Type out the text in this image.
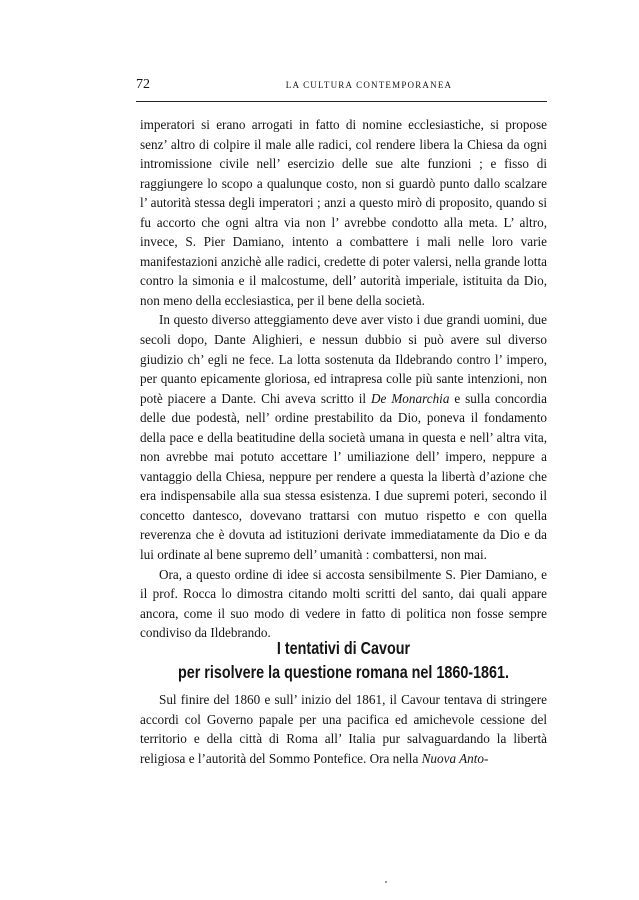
72	LA CULTURA CONTEMPORANEA

imperatori si erano arrogati in fatto di nomine ecclesiastiche, si propose senz’ altro di colpire il male alle radici, col rendere libera la Chiesa da ogni intromissione civile nell’ esercizio delle sue alte funzioni ; e fisso di raggiungere lo scopo a qualunque costo, non si guardò punto dallo scalzare l’ autorità stessa degli imperatori ; anzi a questo mirò di proposito, quando si fu accorto che ogni altra via non l’ avrebbe condotto alla meta. L’ altro, invece, S. Pier Damiano, intento a combattere i mali nelle loro varie manifestazioni anzichè alle radici, credette di poter valersi, nella grande lotta contro la simonia e il malcostume, dell’ autorità imperiale, istituita da Dio, non meno della ecclesiastica, per il bene della società.

In questo diverso atteggiamento deve aver visto i due grandi uomini, due secoli dopo, Dante Alighieri, e nessun dubbio si può avere sul diverso giudizio ch’ egli ne fece. La lotta sostenuta da Ildebrando contro l’ impero, per quanto epicamente gloriosa, ed intrapresa colle più sante intenzioni, non potè piacere a Dante. Chi aveva scritto il De Monarchia e sulla concordia delle due podestà, nell’ ordine prestabilito da Dio, poneva il fondamento della pace e della beatitudine della società umana in questa e nell’ altra vita, non avrebbe mai potuto accettare l’ umiliazione dell’ impero, neppure a vantaggio della Chiesa, neppure per rendere a questa la libertà d’azione che era indispensabile alla sua stessa esistenza. I due supremi poteri, secondo il concetto dantesco, dovevano trattarsi con mutuo rispetto e con quella reverenza che è dovuta ad istituzioni derivate immediatamente da Dio e da lui ordinate al bene supremo dell’ umanità : combattersi, non mai.

Ora, a questo ordine di idee si accosta sensibilmente S. Pier Damiano, e il prof. Rocca lo dimostra citando molti scritti del santo, dai quali appare ancora, come il suo modo di vedere in fatto di politica non fosse sempre condiviso da Ildebrando.

I tentativi di Cavour
per risolvere la questione romana nel 1860-1861.

Sul finire del 1860 e sull’ inizio del 1861, il Cavour tentava di stringere accordi col Governo papale per una pacifica ed amichevole cessione del territorio e della città di Roma all’ Italia pur salvaguardando la libertà religiosa e l’autorità del Sommo Pontefice. Ora nella Nuova Anto-
